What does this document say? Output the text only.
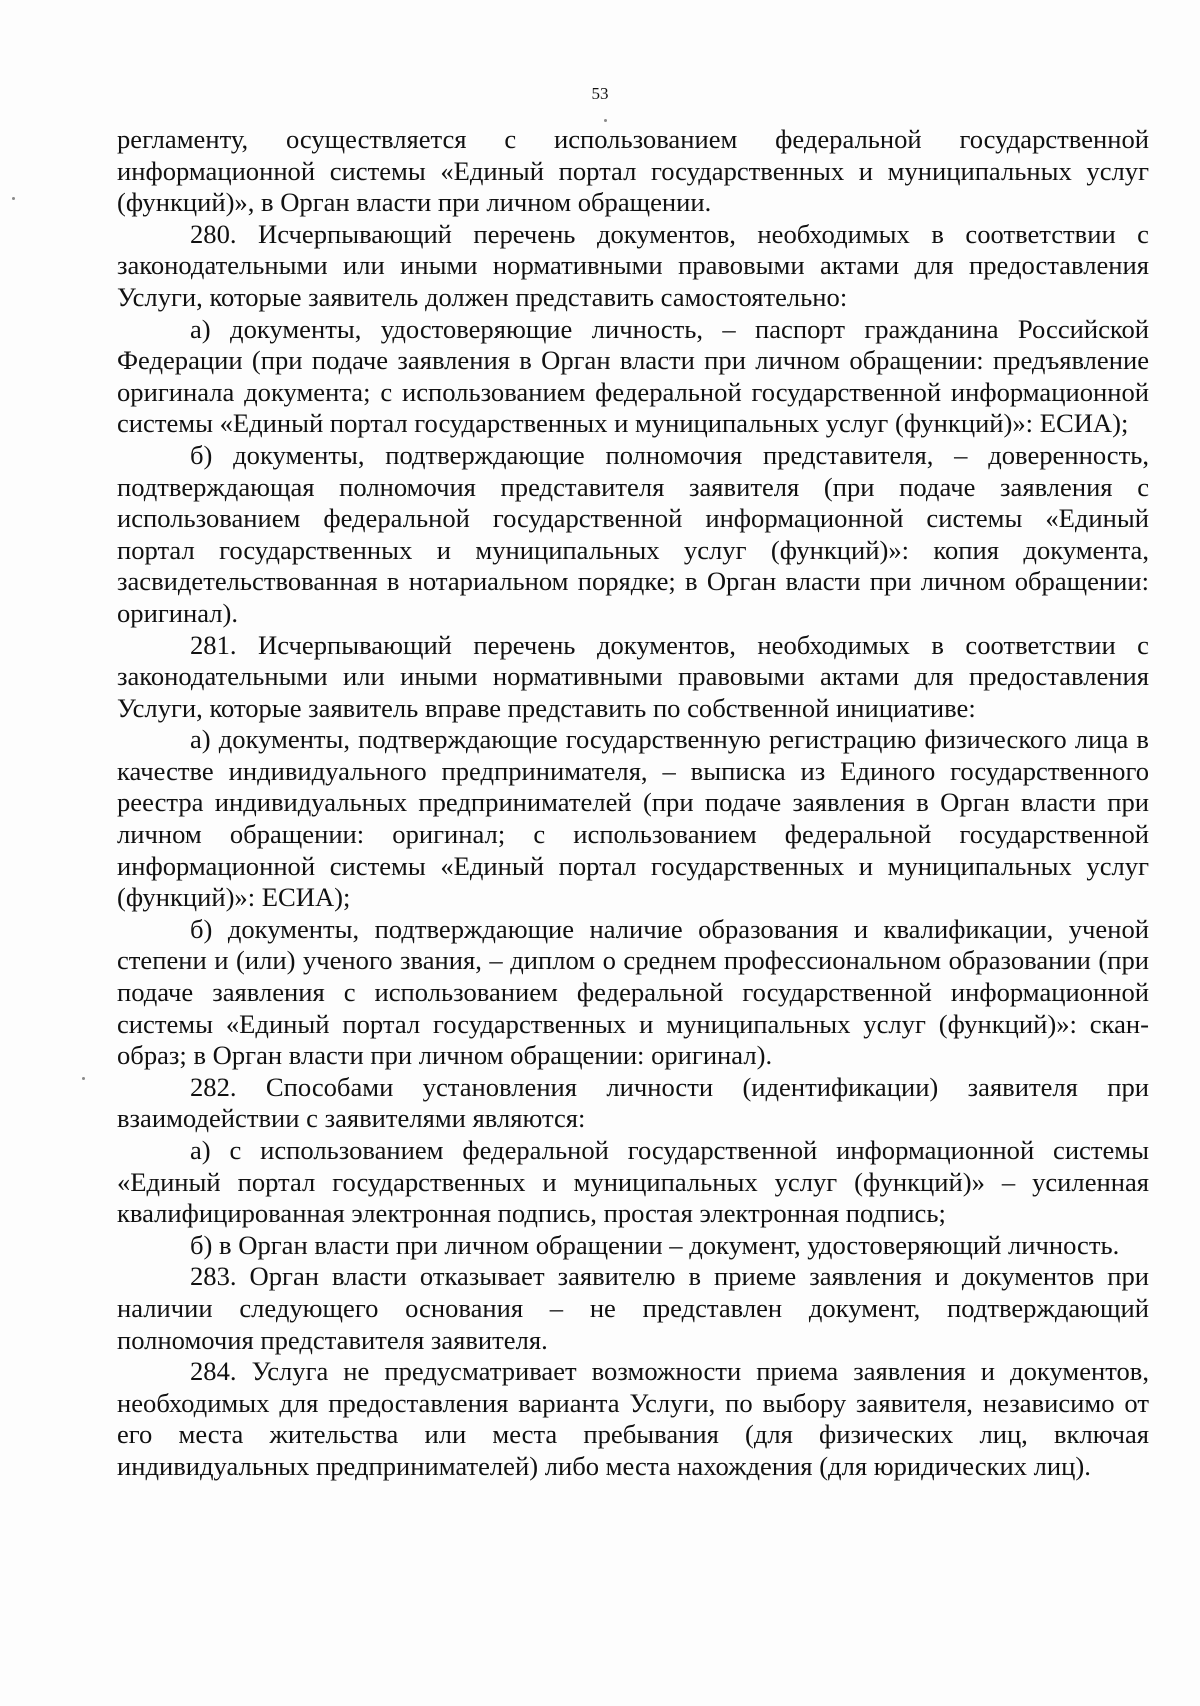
53

регламенту, осуществляется с использованием федеральной государственной информационной системы «Единый портал государственных и муниципальных услуг (функций)», в Орган власти при личном обращении.

280. Исчерпывающий перечень документов, необходимых в соответствии с законодательными или иными нормативными правовыми актами для предоставления Услуги, которые заявитель должен представить самостоятельно:

а) документы, удостоверяющие личность, – паспорт гражданина Российской Федерации (при подаче заявления в Орган власти при личном обращении: предъявление оригинала документа; с использованием федеральной государственной информационной системы «Единый портал государственных и муниципальных услуг (функций)»: ЕСИА);

б) документы, подтверждающие полномочия представителя, – доверенность, подтверждающая полномочия представителя заявителя (при подаче заявления с использованием федеральной государственной информационной системы «Единый портал государственных и муниципальных услуг (функций)»: копия документа, засвидетельствованная в нотариальном порядке; в Орган власти при личном обращении: оригинал).

281. Исчерпывающий перечень документов, необходимых в соответствии с законодательными или иными нормативными правовыми актами для предоставления Услуги, которые заявитель вправе представить по собственной инициативе:

а) документы, подтверждающие государственную регистрацию физического лица в качестве индивидуального предпринимателя, – выписка из Единого государственного реестра индивидуальных предпринимателей (при подаче заявления в Орган власти при личном обращении: оригинал; с использованием федеральной государственной информационной системы «Единый портал государственных и муниципальных услуг (функций)»: ЕСИА);

б) документы, подтверждающие наличие образования и квалификации, ученой степени и (или) ученого звания, – диплом о среднем профессиональном образовании (при подаче заявления с использованием федеральной государственной информационной системы «Единый портал государственных и муниципальных услуг (функций)»: скан-образ; в Орган власти при личном обращении: оригинал).

282. Способами установления личности (идентификации) заявителя при взаимодействии с заявителями являются:

а) с использованием федеральной государственной информационной системы «Единый портал государственных и муниципальных услуг (функций)» – усиленная квалифицированная электронная подпись, простая электронная подпись;

б) в Орган власти при личном обращении – документ, удостоверяющий личность.

283. Орган власти отказывает заявителю в приеме заявления и документов при наличии следующего основания – не представлен документ, подтверждающий полномочия представителя заявителя.

284. Услуга не предусматривает возможности приема заявления и документов, необходимых для предоставления варианта Услуги, по выбору заявителя, независимо от его места жительства или места пребывания (для физических лиц, включая индивидуальных предпринимателей) либо места нахождения (для юридических лиц).
